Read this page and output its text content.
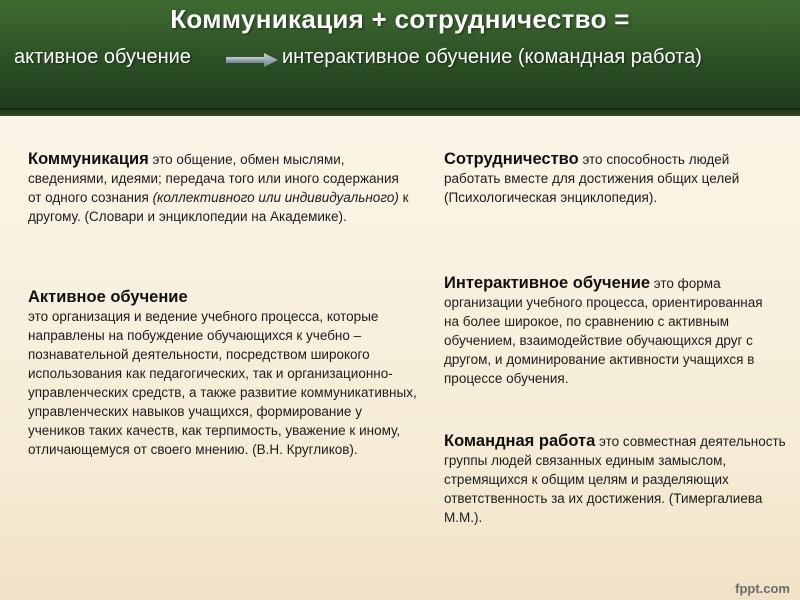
Коммуникация + сотрудничество =
активное обучение	интерактивное обучение (командная работа)
Коммуникация это общение, обмен мыслями, сведениями, идеями; передача того или иного содержания от одного сознания (коллективного или индивидуального) к другому. (Словари и энциклопедии на Академике).
Сотрудничество это способность людей работать вместе для достижения общих целей (Психологическая энциклопедия).
Активное обучение
это организация и ведение учебного процесса, которые направлены на побуждение обучающихся к учебно – познавательной деятельности, посредством широкого использования как педагогических, так и организационно-управленческих средств, а также развитие коммуникативных, управленческих навыков учащихся, формирование у учеников таких качеств, как терпимость, уважение к иному, отличающемуся от своего мнению. (В.Н. Кругликов).
Интерактивное обучение это форма организации учебного процесса, ориентированная на более широкое, по сравнению с активным обучением, взаимодействие обучающихся друг с другом, и доминирование активности учащихся в процессе обучения.
Командная работа это совместная деятельность группы людей связанных единым замыслом, стремящихся к общим целям и разделяющих ответственность за их достижения. (Тимергалиева М.М.).
fppt.com
